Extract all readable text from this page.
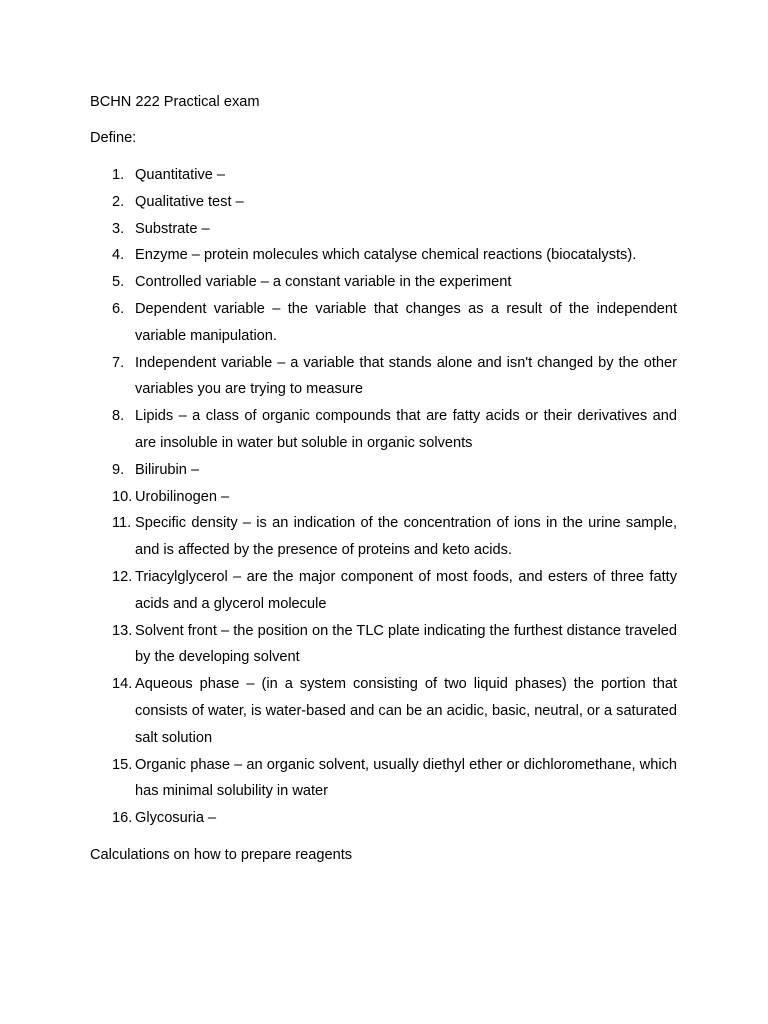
BCHN 222 Practical exam

Define:

1. Quantitative –
2. Qualitative test –
3. Substrate –
4. Enzyme – protein molecules which catalyse chemical reactions (biocatalysts).
5. Controlled variable – a constant variable in the experiment
6. Dependent variable – the variable that changes as a result of the independent variable manipulation.
7. Independent variable – a variable that stands alone and isn't changed by the other variables you are trying to measure
8. Lipids – a class of organic compounds that are fatty acids or their derivatives and are insoluble in water but soluble in organic solvents
9. Bilirubin –
10. Urobilinogen –
11. Specific density – is an indication of the concentration of ions in the urine sample, and is affected by the presence of proteins and keto acids.
12. Triacylglycerol – are the major component of most foods, and esters of three fatty acids and a glycerol molecule
13. Solvent front – the position on the TLC plate indicating the furthest distance traveled by the developing solvent
14. Aqueous phase – (in a system consisting of two liquid phases) the portion that consists of water, is water-based and can be an acidic, basic, neutral, or a saturated salt solution
15. Organic phase – an organic solvent, usually diethyl ether or dichloromethane, which has minimal solubility in water
16. Glycosuria –

Calculations on how to prepare reagents
